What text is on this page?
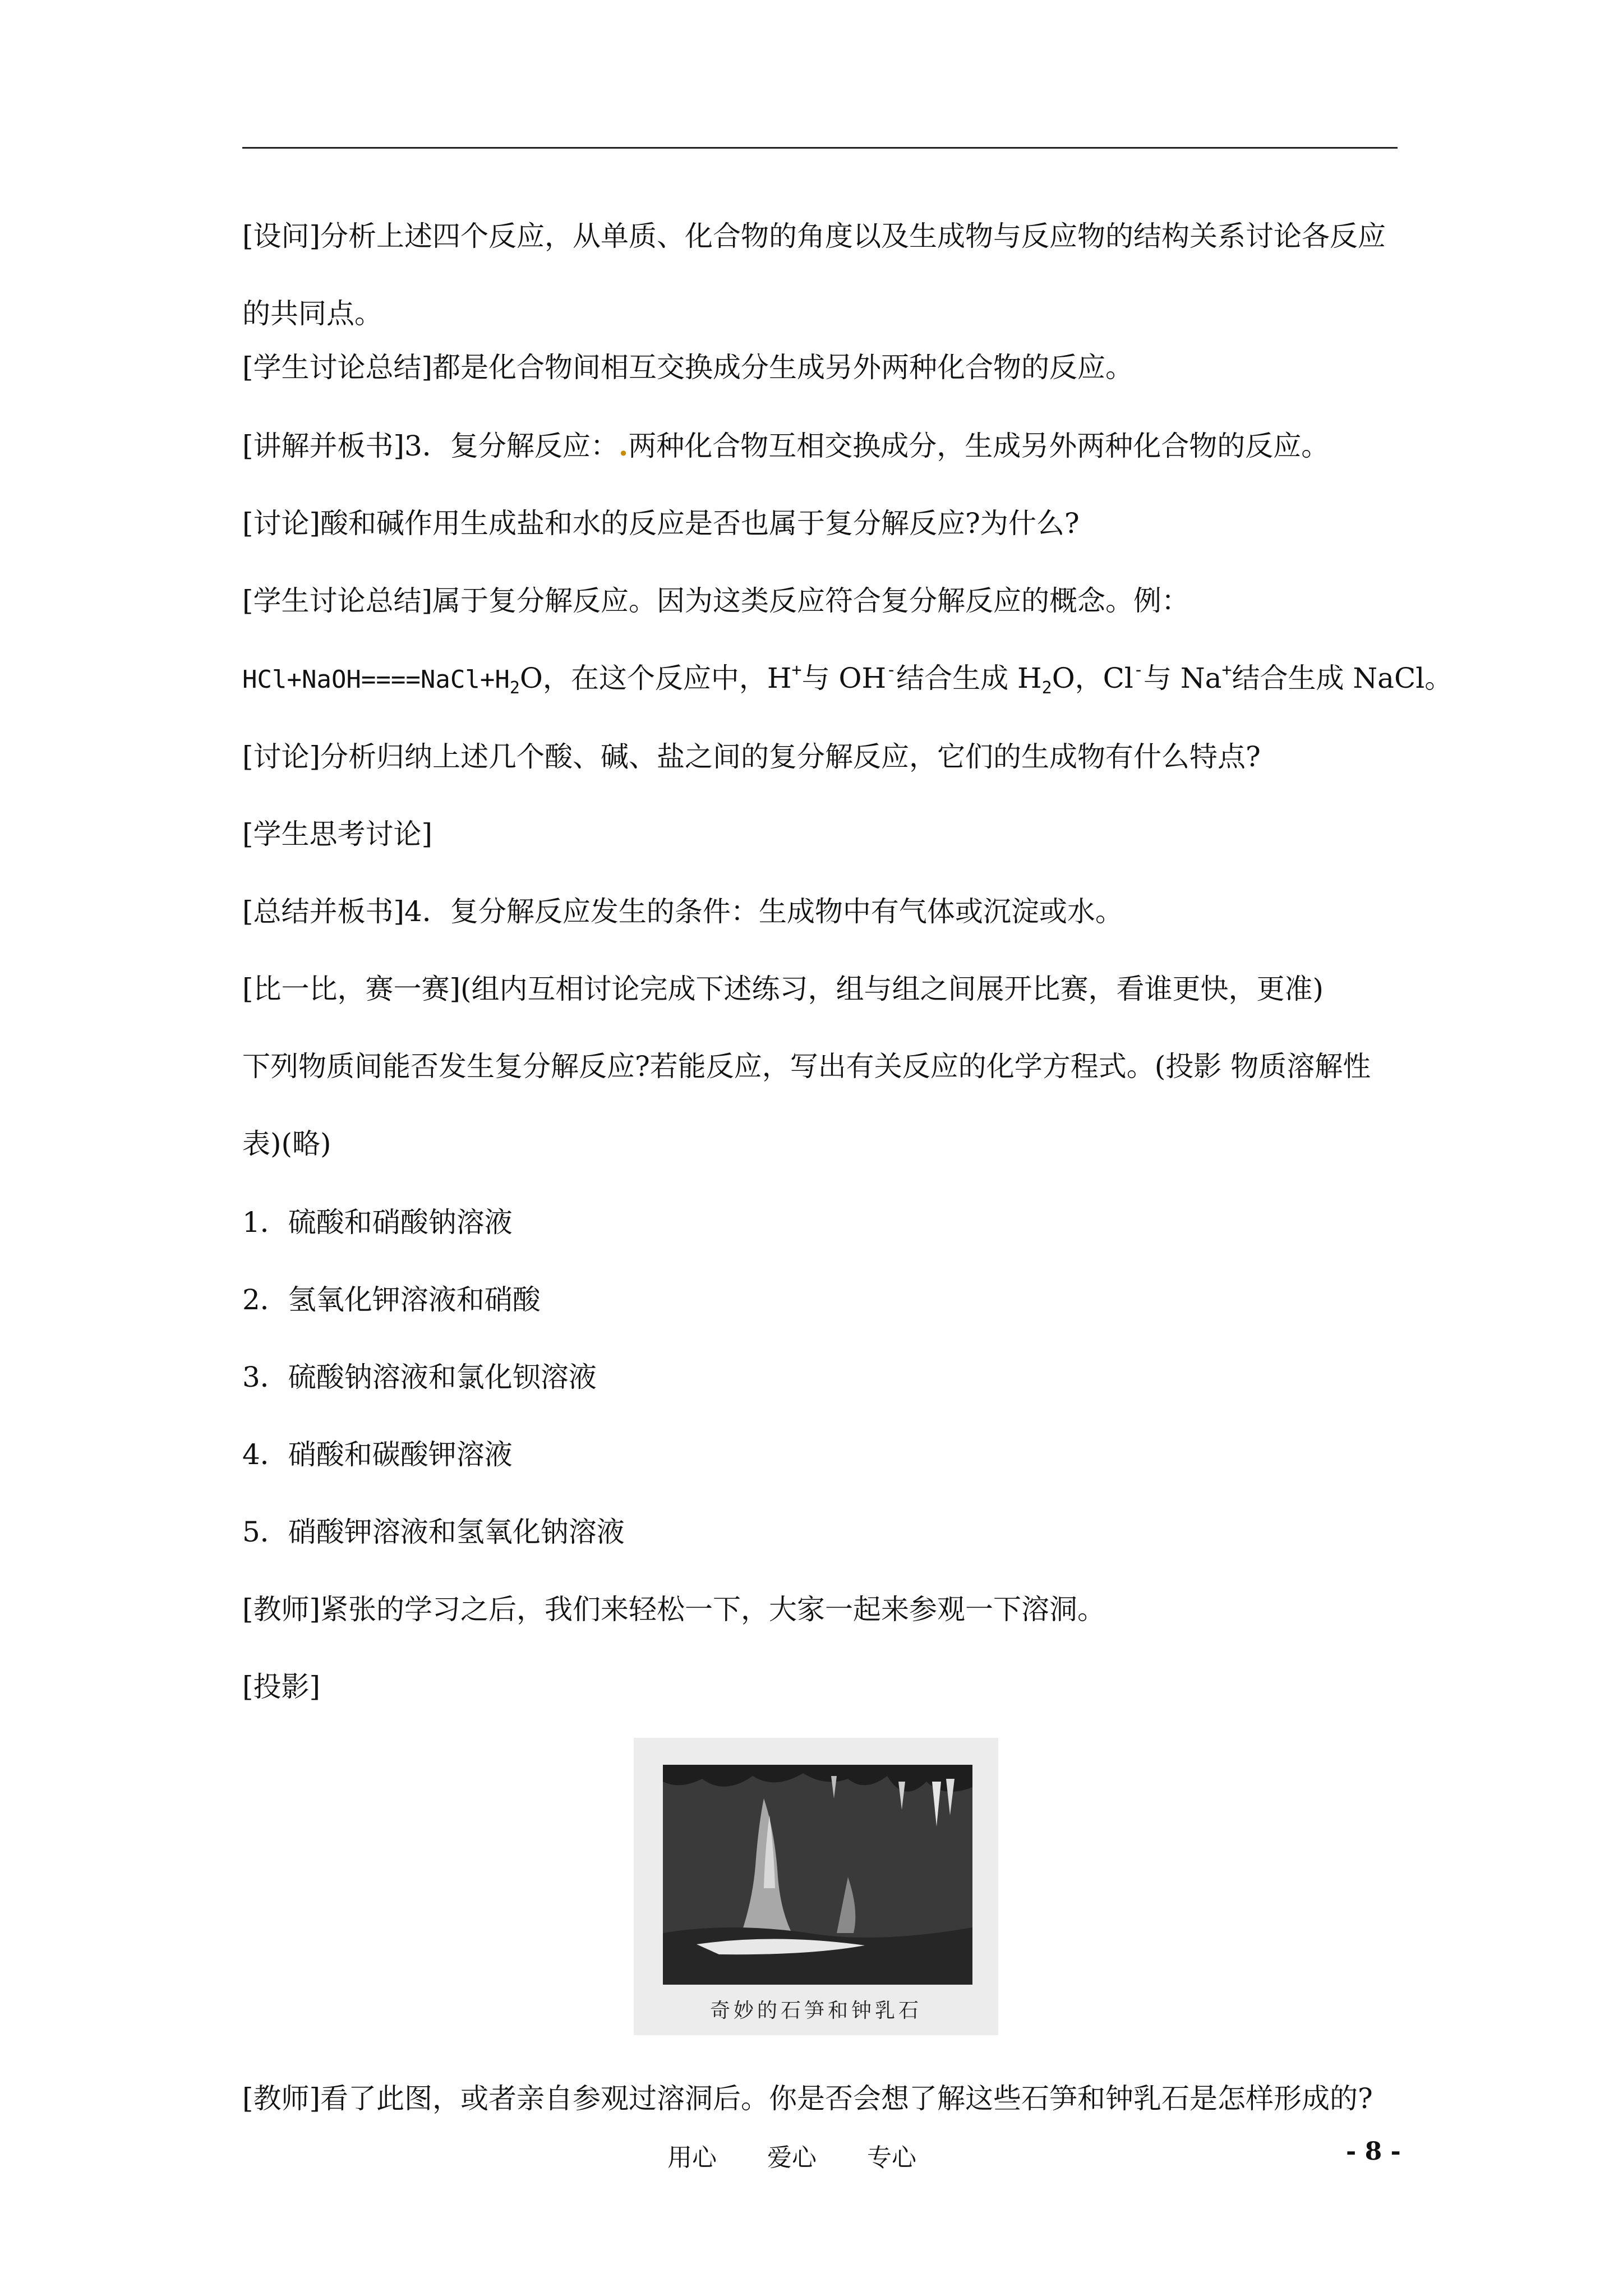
[设问]分析上述四个反应，从单质、化合物的角度以及生成物与反应物的结构关系讨论各反应的共同点。

[学生讨论总结]都是化合物间相互交换成分生成另外两种化合物的反应。

[讲解并板书]3．复分解反应：.两种化合物互相交换成分，生成另外两种化合物的反应。

[讨论]酸和碱作用生成盐和水的反应是否也属于复分解反应?为什么?

[学生讨论总结]属于复分解反应。因为这类反应符合复分解反应的概念。例：

$HCl+NaOH====NaCl+H_2O$，在这个反应中，H+与 OH-结合生成 $H_2O$，Cl-与 Na+结合生成 NaCl。

[讨论]分析归纳上述几个酸、碱、盐之间的复分解反应，它们的生成物有什么特点?

[学生思考讨论]

[总结并板书]4．复分解反应发生的条件：生成物中有气体或沉淀或水。

[比一比，赛一赛](组内互相讨论完成下述练习，组与组之间展开比赛，看谁更快，更准)

下列物质间能否发生复分解反应?若能反应，写出有关反应的化学方程式。(投影 物质溶解性表)(略)

1．硫酸和硝酸钠溶液

2．氢氧化钾溶液和硝酸

3．硫酸钠溶液和氯化钡溶液

4．硝酸和碳酸钾溶液

5．硝酸钾溶液和氢氧化钠溶液

[教师]紧张的学习之后，我们来轻松一下，大家一起来参观一下溶洞。

[投影]

奇妙的石笋和钟乳石

[教师]看了此图，或者亲自参观过溶洞后。你是否会想了解这些石笋和钟乳石是怎样形成的?

用心 爱心 专心	- 8 -
